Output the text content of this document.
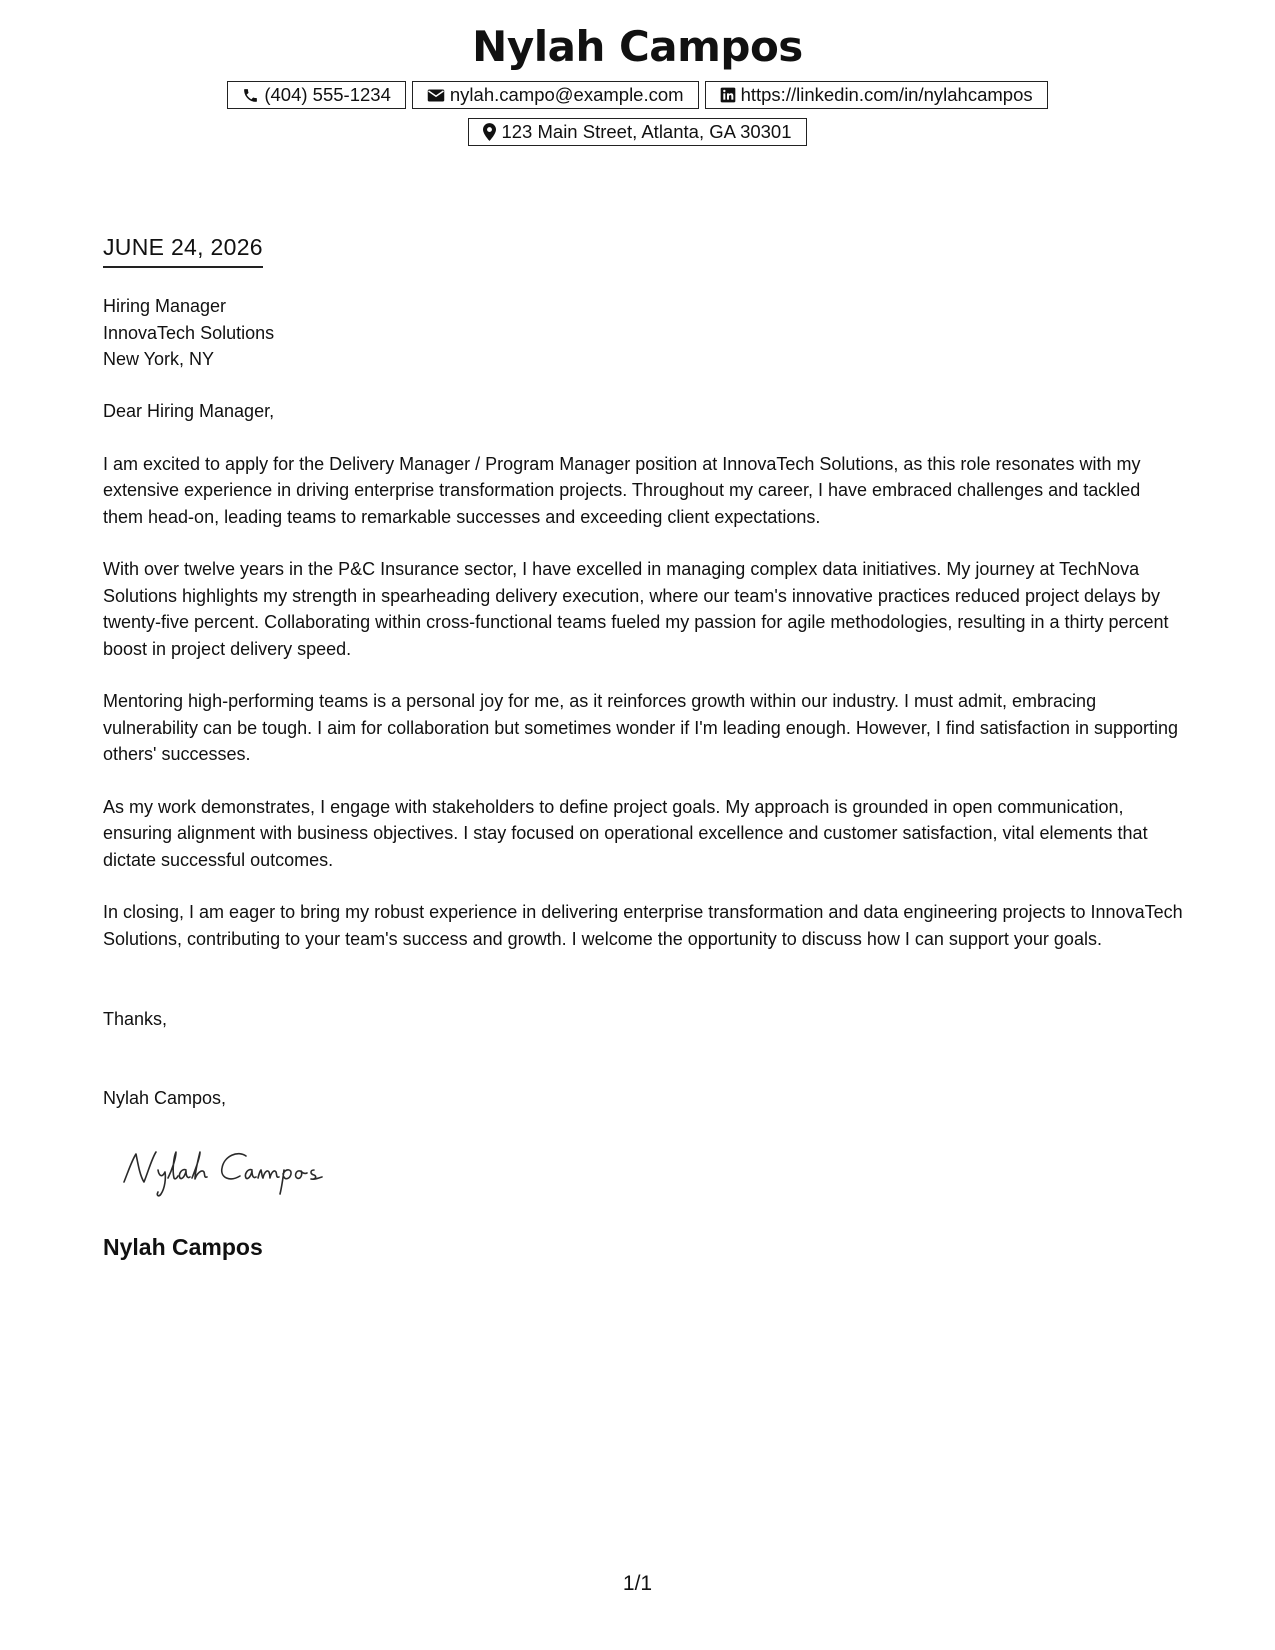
Nylah Campos
(404) 555-1234	nylah.campo@example.com	https://linkedin.com/in/nylahcampos
123 Main Street, Atlanta, GA 30301
JUNE 24, 2026
Hiring Manager
InnovaTech Solutions
New York, NY

Dear Hiring Manager,

I am excited to apply for the Delivery Manager / Program Manager position at InnovaTech Solutions, as this role resonates with my extensive experience in driving enterprise transformation projects. Throughout my career, I have embraced challenges and tackled them head-on, leading teams to remarkable successes and exceeding client expectations.

With over twelve years in the P&C Insurance sector, I have excelled in managing complex data initiatives. My journey at TechNova Solutions highlights my strength in spearheading delivery execution, where our team's innovative practices reduced project delays by twenty-five percent. Collaborating within cross-functional teams fueled my passion for agile methodologies, resulting in a thirty percent boost in project delivery speed.

Mentoring high-performing teams is a personal joy for me, as it reinforces growth within our industry. I must admit, embracing vulnerability can be tough. I aim for collaboration but sometimes wonder if I'm leading enough. However, I find satisfaction in supporting others' successes.

As my work demonstrates, I engage with stakeholders to define project goals. My approach is grounded in open communication, ensuring alignment with business objectives. I stay focused on operational excellence and customer satisfaction, vital elements that dictate successful outcomes.

In closing, I am eager to bring my robust experience in delivering enterprise transformation and data engineering projects to InnovaTech Solutions, contributing to your team's success and growth. I welcome the opportunity to discuss how I can support your goals.

Thanks,
Nylah Campos,
Nylah Campos
1/1
